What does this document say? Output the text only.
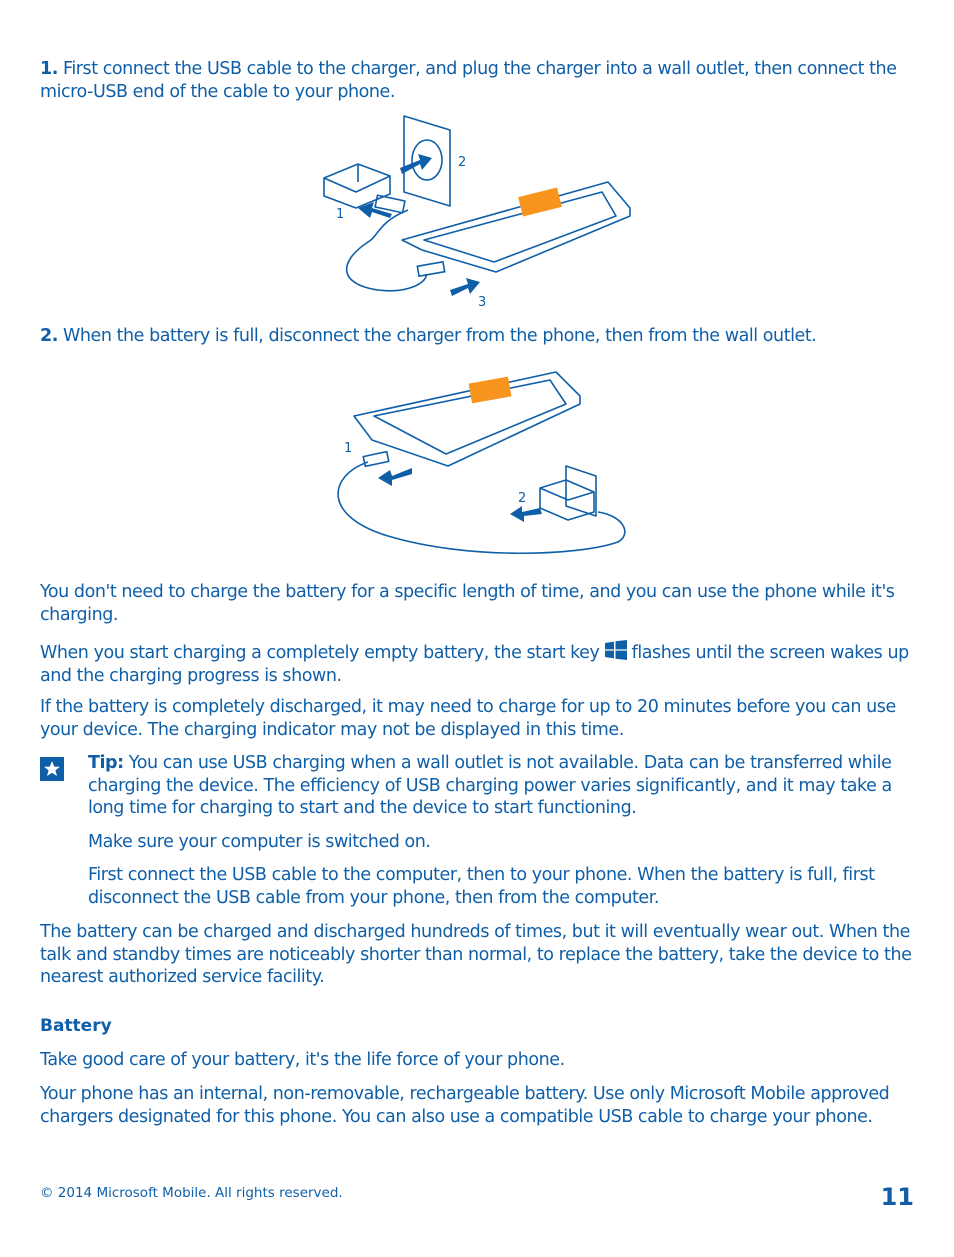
1. First connect the USB cable to the charger, and plug the charger into a wall outlet, then connect the micro-USB end of the cable to your phone.

2
1
3

2. When the battery is full, disconnect the charger from the phone, then from the wall outlet.

1
2

You don't need to charge the battery for a specific length of time, and you can use the phone while it's charging.

When you start charging a completely empty battery, the start key  flashes until the screen wakes up and the charging progress is shown.

If the battery is completely discharged, it may need to charge for up to 20 minutes before you can use your device. The charging indicator may not be displayed in this time.

Tip: You can use USB charging when a wall outlet is not available. Data can be transferred while charging the device. The efficiency of USB charging power varies significantly, and it may take a long time for charging to start and the device to start functioning.

Make sure your computer is switched on.

First connect the USB cable to the computer, then to your phone. When the battery is full, first disconnect the USB cable from your phone, then from the computer.

The battery can be charged and discharged hundreds of times, but it will eventually wear out. When the talk and standby times are noticeably shorter than normal, to replace the battery, take the device to the nearest authorized service facility.

Battery

Take good care of your battery, it's the life force of your phone.

Your phone has an internal, non-removable, rechargeable battery. Use only Microsoft Mobile approved chargers designated for this phone. You can also use a compatible USB cable to charge your phone.

© 2014 Microsoft Mobile. All rights reserved.	11
